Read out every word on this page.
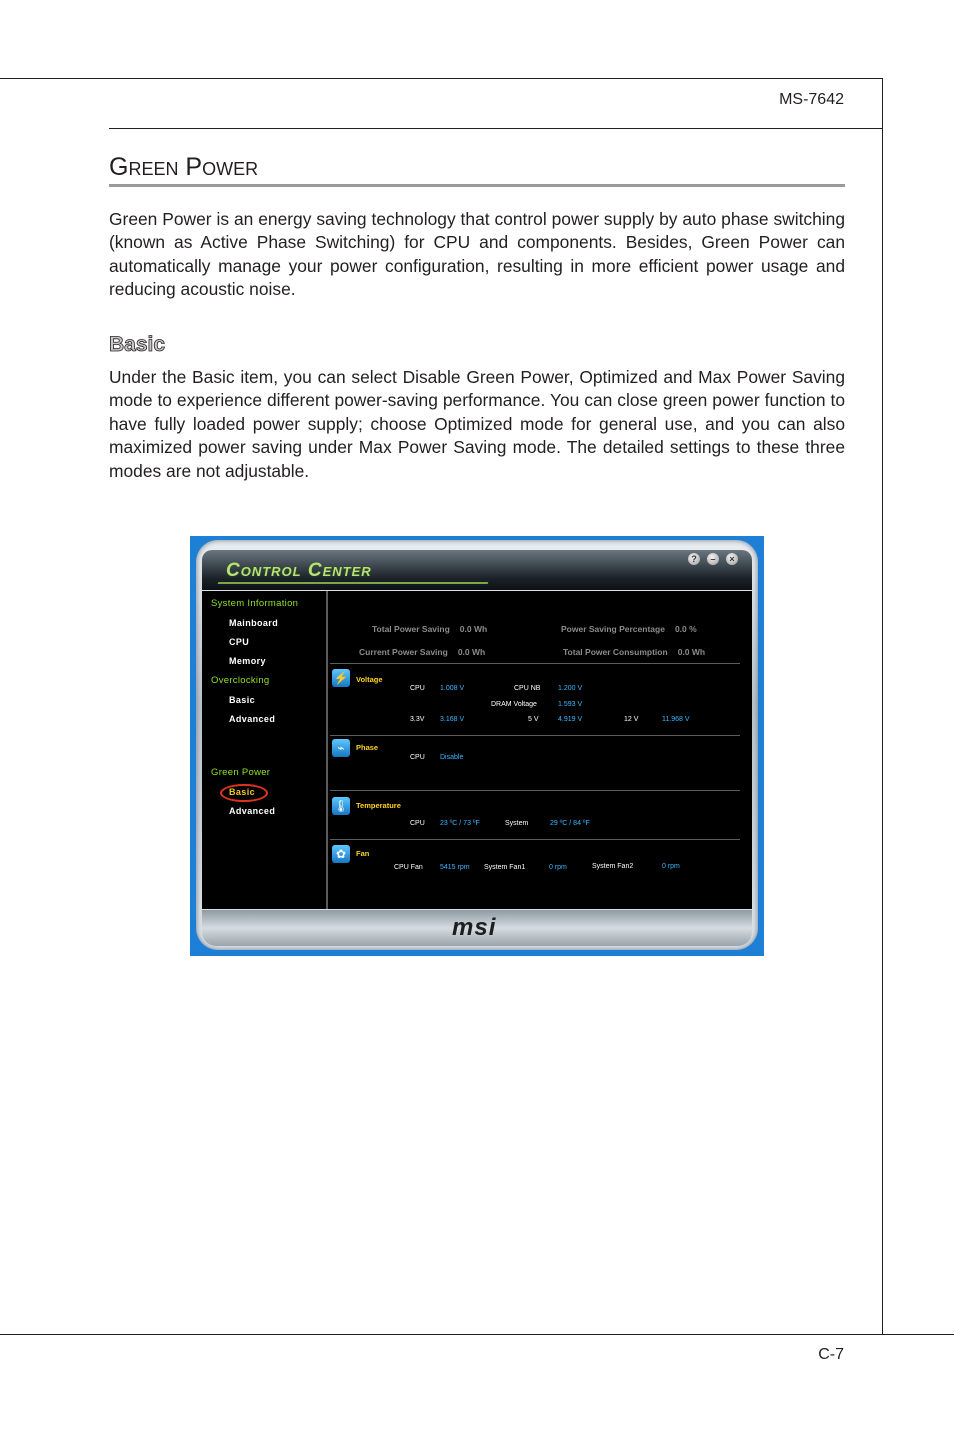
MS-7642
Green Power
Green Power is an energy saving technology that control power supply by auto phase switching (known as Active Phase Switching) for CPU and components. Besides, Green Power can automatically manage your power configuration, resulting in more efficient power usage and reducing acoustic noise.
Basic
Under the Basic item, you can select Disable Green Power, Optimized and Max Power Saving mode to experience different power-saving performance. You can close green power function to have fully loaded power supply; choose Optimized mode for general use, and you can also maximized power saving under Max Power Saving mode. The detailed settings to these three modes are not adjustable.
Control Center
?	–	×
System Information
Mainboard
CPU
Memory
Overclocking
Basic
Advanced
Green Power
Basic
Advanced
Total Power Saving 0.0 Wh	Power Saving Percentage 0.0 %
Current Power Saving 0.0 Wh	Total Power Consumption 0.0 Wh
⚡ Voltage
CPU 1.008 V	CPU NB	1.200 V
DRAM Voltage	1.593 V
3.3V 3.168 V	5 V	4.919 V	12 V	11.968 V
⌁	Phase
CPU Disable
🌡 Temperature
CPU 23 ºC / 73 ºF	System	29 ºC / 84 ºF
✿	Fan
CPU Fan 5415 rpm System Fan1	0 rpm	System Fan2	0 rpm
msi
C-7
